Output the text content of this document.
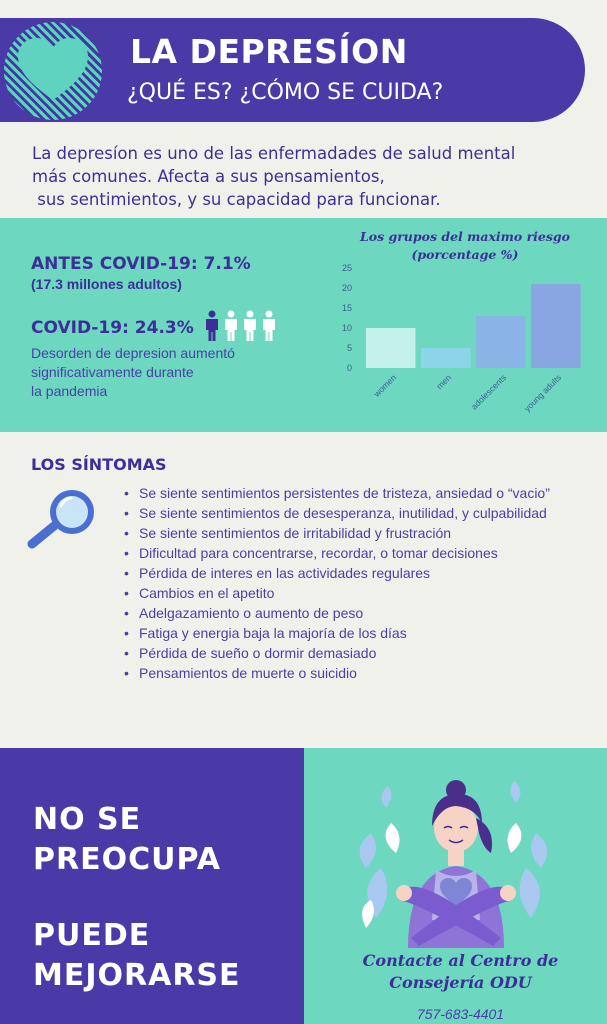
LA DEPRESÍON
¿QUÉ ES? ¿CÓMO SE CUIDA?
La depresíon es uno de las enfermadades de salud mental
más comunes. Afecta a sus pensamientos,
sus sentimientos, y su capacidad para funcionar.
ANTES COVID-19: 7.1%
(17.3 millones adultos)
COVID-19: 24.3%
Desorden de depresion aumentó
significativamente durante
la pandemia
Los grupos del maximo riesgo
(porcentage %)
0
5
10
15
20
25
women	men adolescents young adults
LOS SÍNTOMAS
• Se siente sentimientos persistentes de tristeza, ansiedad o “vacio”
• Se siente sentimientos de desesperanza, inutilidad, y culpabilidad
• Se siente sentimientos de irritabilidad y frustración
• Dificultad para concentrarse, recordar, o tomar decisiones
• Pérdida de interes en las actividades regulares
• Cambios en el apetito
• Adelgazamiento o aumento de peso
• Fatiga y energia baja la majoría de los días
• Pérdida de sueño o dormir demasiado
• Pensamientos de muerte o suicidio
NO SE
PREOCUPA
PUEDE
MEJORARSE	Contacte al Centro de
Consejería ODU
757-683-4401
